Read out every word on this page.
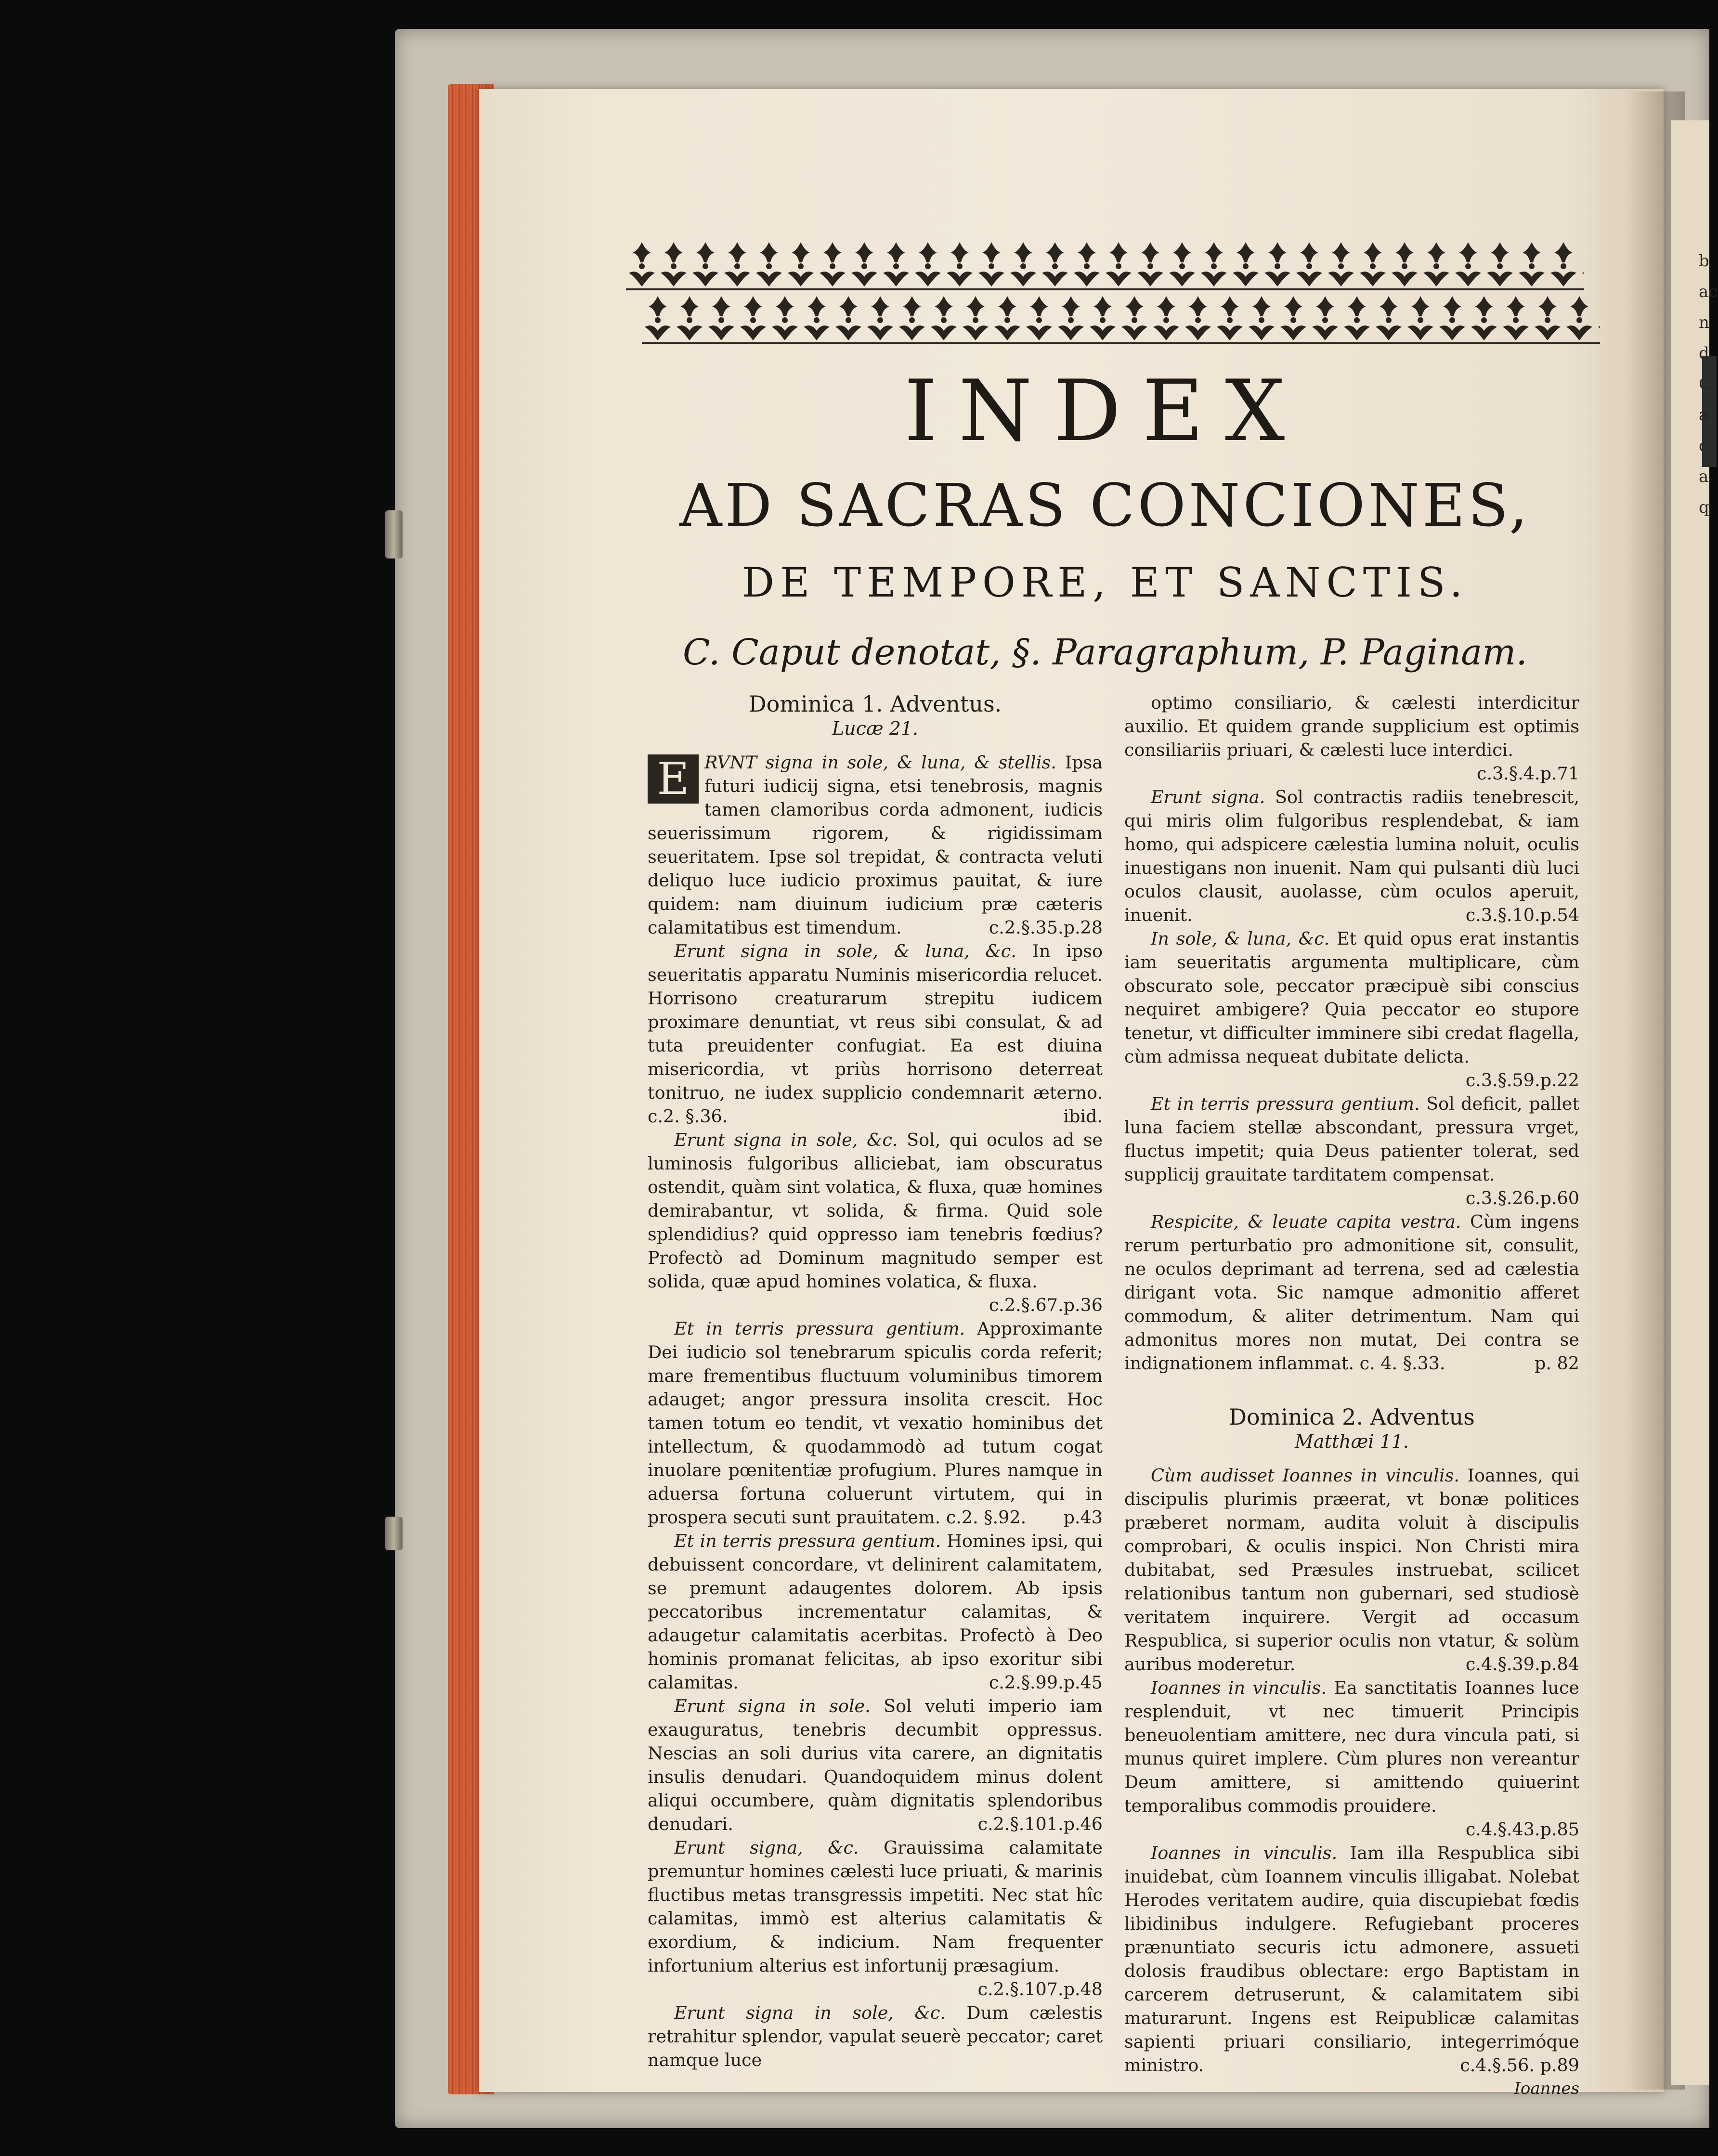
b
ac
n
d
C
a
c
a
q
INDEX
AD SACRAS CONCIONES,
DE TEMPORE, ET SANCTIS.
C. Caput denotat, §. Paragraphum, P. Paginam.

Dominica 1. Adventus.

Lucæ 21.

E RVNT signa in sole, & luna, & stellis. Ipsa futuri iudicij signa, etsi tenebrosis, magnis tamen clamoribus corda admonent, iudicis seuerissimum rigorem, & rigidissimam seueritatem. Ipse sol trepidat, & contracta veluti deliquo luce iudicio proximus pauitat, & iure quidem: nam diuinum iudicium præ cæteris calamitatibus est timendum.	c.2.§.35.p.28

Erunt signa in sole, & luna, &c. In ipso seueritatis apparatu Numinis misericordia relucet. Horrisono creaturarum strepitu iudicem proximare denuntiat, vt reus sibi consulat, & ad tuta preuidenter confugiat. Ea est diuina misericordia, vt priùs horrisono deterreat tonitruo, ne iudex supplicio condemnarit æterno. c.2. §.36.	ibid.

Erunt signa in sole, &c. Sol, qui oculos ad se luminosis fulgoribus alliciebat, iam obscuratus ostendit, quàm sint volatica, & fluxa, quæ homines demirabantur, vt solida, & firma. Quid sole splendidius? quid oppresso iam tenebris fœdius? Profectò ad Dominum magnitudo semper est solida, quæ apud homines volatica, & fluxa.
c.2.§.67.p.36

Et in terris pressura gentium. Approximante Dei iudicio sol tenebrarum spiculis corda referit; mare frementibus fluctuum voluminibus timorem adauget; angor pressura insolita crescit. Hoc tamen totum eo tendit, vt vexatio hominibus det intellectum, & quodammodò ad tutum cogat inuolare pœnitentiæ profugium. Plures namque in aduersa fortuna coluerunt virtutem, qui in prospera secuti sunt prauitatem. c.2. §.92.	p.43

Et in terris pressura gentium. Homines ipsi, qui debuissent concordare, vt delinirent calamitatem, se premunt adaugentes dolorem. Ab ipsis peccatoribus incrementatur calamitas, & adaugetur calamitatis acerbitas. Profectò à Deo hominis promanat felicitas, ab ipso exoritur sibi calamitas.	c.2.§.99.p.45

Erunt signa in sole. Sol veluti imperio iam exauguratus, tenebris decumbit oppressus. Nescias an soli durius vita carere, an dignitatis insulis denudari. Quandoquidem minus dolent aliqui occumbere, quàm dignitatis splendoribus denudari.	c.2.§.101.p.46

Erunt signa, &c. Grauissima calamitate premuntur homines cælesti luce priuati, & marinis fluctibus metas transgressis impetiti. Nec stat hîc calamitas, immò est alterius calamitatis & exordium, & indicium. Nam frequenter infortunium alterius est infortunij præsagium.
c.2.§.107.p.48

Erunt signa in sole, &c. Dum cælestis retrahitur splendor, vapulat seuerè peccator; caret namque luce

optimo consiliario, & cælesti interdicitur auxilio. Et quidem grande supplicium est optimis consiliariis priuari, & cælesti luce interdici.
c.3.§.4.p.71

Erunt signa. Sol contractis radiis tenebrescit, qui miris olim fulgoribus resplendebat, & iam homo, qui adspicere cælestia lumina noluit, oculis inuestigans non inuenit. Nam qui pulsanti diù luci oculos clausit, auolasse, cùm oculos aperuit, inuenit.	c.3.§.10.p.54

In sole, & luna, &c. Et quid opus erat instantis iam seueritatis argumenta multiplicare, cùm obscurato sole, peccator præcipuè sibi conscius nequiret ambigere? Quia peccator eo stupore tenetur, vt difficulter imminere sibi credat flagella, cùm admissa nequeat dubitate delicta.
c.3.§.59.p.22

Et in terris pressura gentium. Sol deficit, pallet luna faciem stellæ abscondant, pressura vrget, fluctus impetit; quia Deus patienter tolerat, sed supplicij grauitate tarditatem compensat.
c.3.§.26.p.60

Respicite, & leuate capita vestra. Cùm ingens rerum perturbatio pro admonitione sit, consulit, ne oculos deprimant ad terrena, sed ad cælestia dirigant vota. Sic namque admonitio afferet commodum, & aliter detrimentum. Nam qui admonitus mores non mutat, Dei contra se indignationem inflammat. c. 4. §.33.	p. 82

Dominica 2. Adventus

Matthæi 11.

Cùm audisset Ioannes in vinculis. Ioannes, qui discipulis plurimis præerat, vt bonæ politices præberet normam, audita voluit à discipulis comprobari, & oculis inspici. Non Christi mira dubitabat, sed Præsules instruebat, scilicet relationibus tantum non gubernari, sed studiosè veritatem inquirere. Vergit ad occasum Respublica, si superior oculis non vtatur, & solùm auribus moderetur.	c.4.§.39.p.84

Ioannes in vinculis. Ea sanctitatis Ioannes luce resplenduit, vt nec timuerit Principis beneuolentiam amittere, nec dura vincula pati, si munus quiret implere. Cùm plures non vereantur Deum amittere, si amittendo quiuerint temporalibus commodis prouidere.
c.4.§.43.p.85

Ioannes in vinculis. Iam illa Respublica sibi inuidebat, cùm Ioannem vinculis illigabat. Nolebat Herodes veritatem audire, quia discupiebat fœdis libidinibus indulgere. Refugiebant proceres prænuntiato securis ictu admonere, assueti dolosis fraudibus oblectare: ergo Baptistam in carcerem detruserunt, & calamitatem sibi maturarunt. Ingens est Reipublicæ calamitas sapienti priuari consiliario, integerrimóque ministro.	c.4.§.56. p.89

Ioannes
